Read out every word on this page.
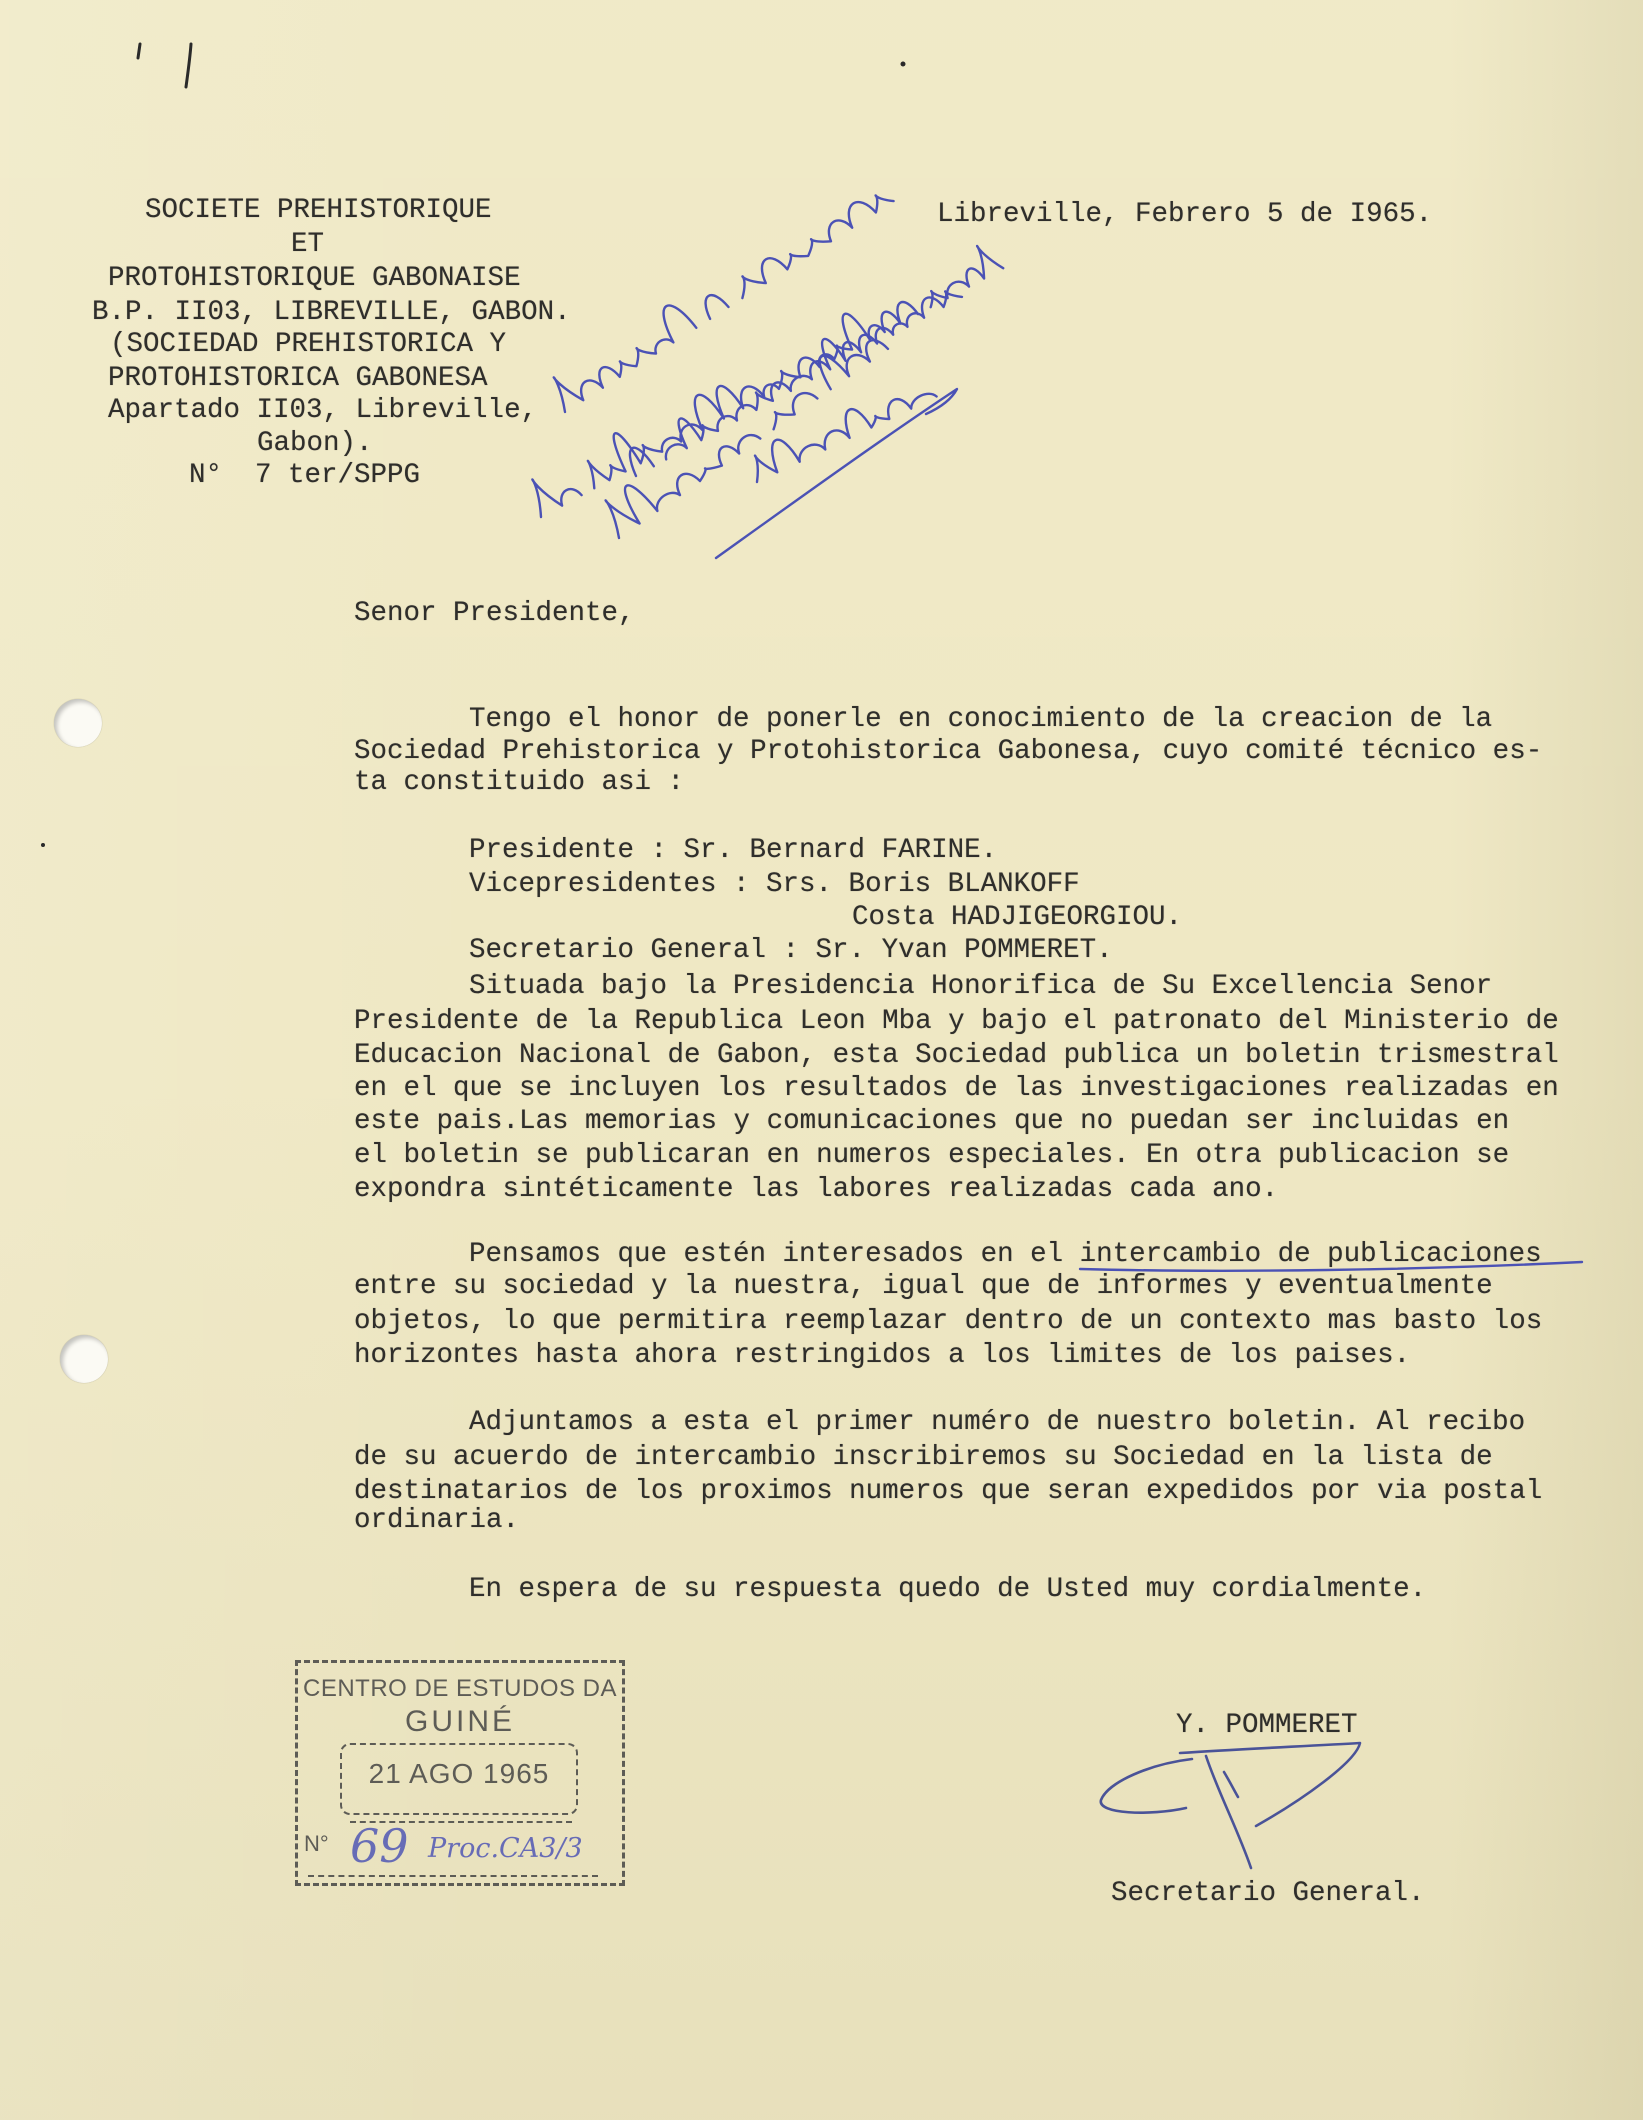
SOCIETE PREHISTORIQUE
ET
PROTOHISTORIQUE GABONAISE
B.P. II03, LIBREVILLE, GABON.
(SOCIEDAD PREHISTORICA Y
PROTOHISTORICA GABONESA
Apartado II03, Libreville,
Gabon).
N°  7 ter/SPPG
Libreville, Febrero 5 de I965.
Senor Presidente,
Tengo el honor de ponerle en conocimiento de la creacion de la
Sociedad Prehistorica y Protohistorica Gabonesa, cuyo comité técnico es-
ta constituido asi :
Presidente : Sr. Bernard FARINE.
Vicepresidentes : Srs. Boris BLANKOFF
Costa HADJIGEORGIOU.
Secretario General : Sr. Yvan POMMERET.
Situada bajo la Presidencia Honorifica de Su Excellencia Senor
Presidente de la Republica Leon Mba y bajo el patronato del Ministerio de
Educacion Nacional de Gabon, esta Sociedad publica un boletin trismestral
en el que se incluyen los resultados de las investigaciones realizadas en
este pais.Las memorias y comunicaciones que no puedan ser incluidas en
el boletin se publicaran en numeros especiales. En otra publicacion se
expondra sintéticamente las labores realizadas cada ano.
Pensamos que estén interesados en el intercambio de publicaciones
entre su sociedad y la nuestra, igual que de informes y eventualmente
objetos, lo que permitira reemplazar dentro de un contexto mas basto los
horizontes hasta ahora restringidos a los limites de los paises.
Adjuntamos a esta el primer numéro de nuestro boletin. Al recibo
de su acuerdo de intercambio inscribiremos su Sociedad en la lista de
destinatarios de los proximos numeros que seran expedidos por via postal
ordinaria.
En espera de su respuesta quedo de Usted muy cordialmente.
Y. POMMERET
Secretario General.
CENTRO DE ESTUDOS DA
GUINÉ
21 AGO 1965
N° 69 Proc.CA3/3
